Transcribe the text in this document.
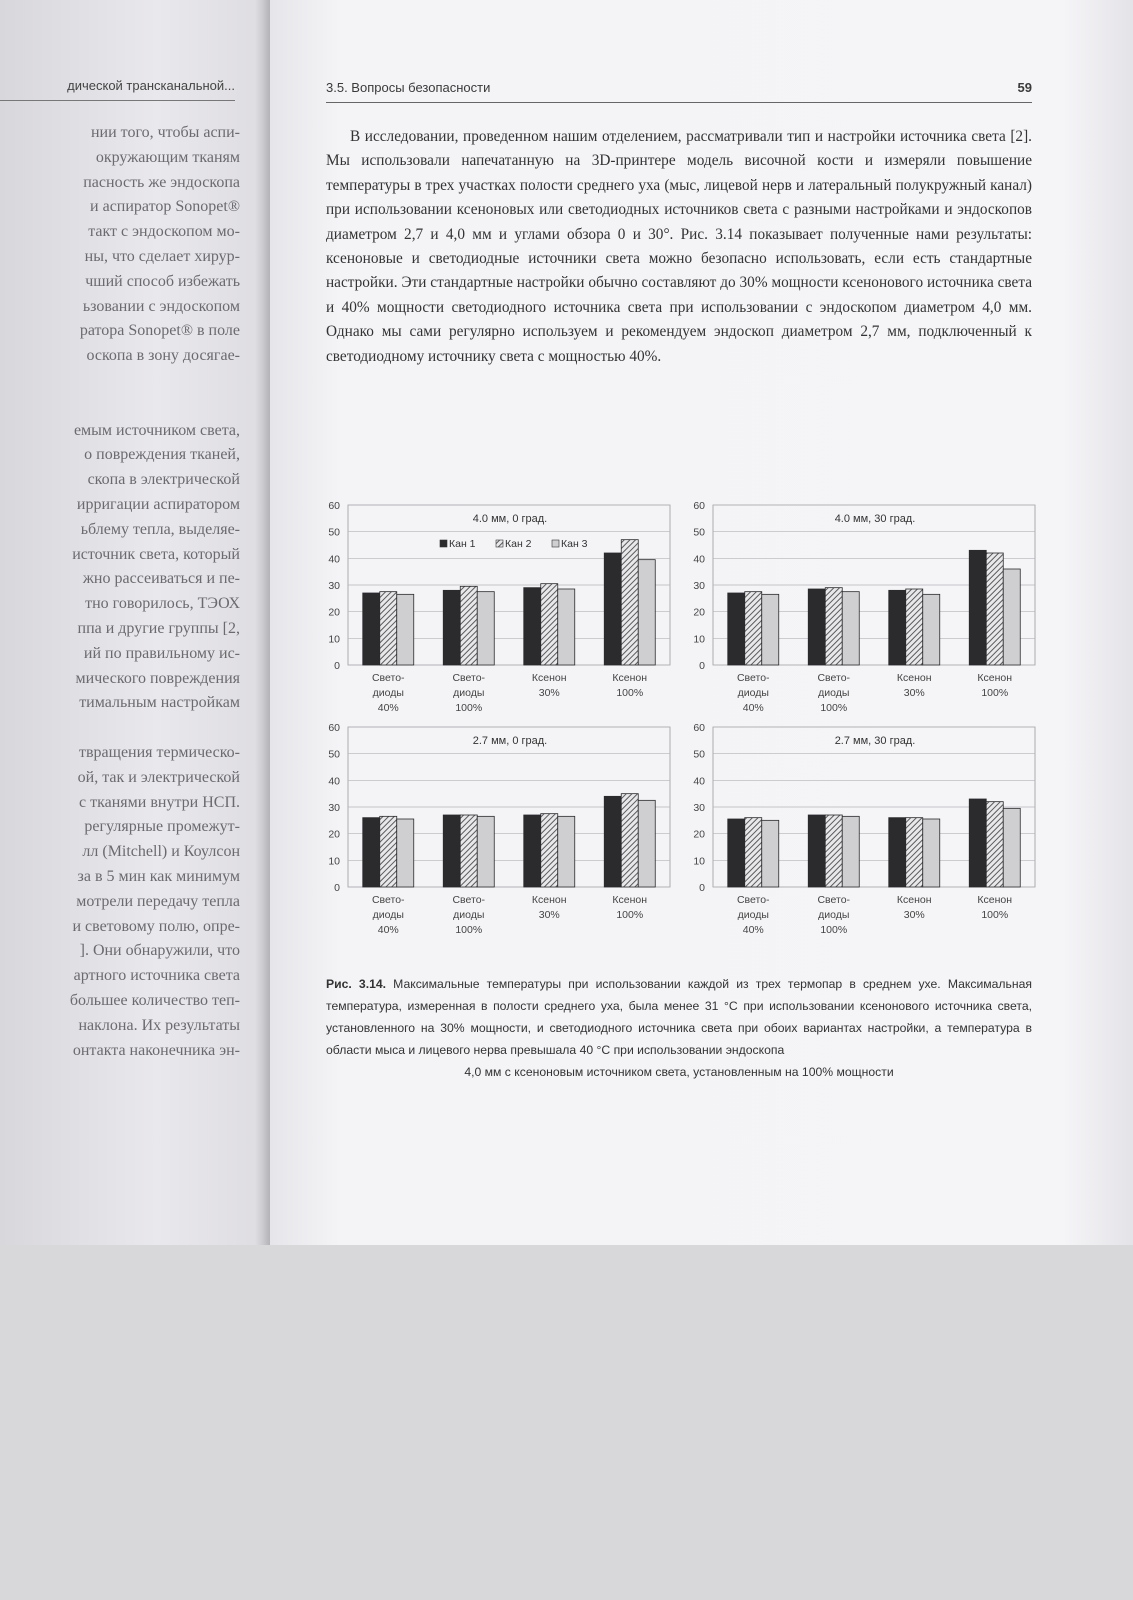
дической трансканальной...
нии того, чтобы аспи-
окружающим тканям
пасность же эндоскопа
и аспиратор Sonopet®
такт с эндоскопом мо-
ны, что сделает хирур-
чший способ избежать
ьзовании с эндоскопом
ратора Sonopet® в поле
оскопа в зону досягае-
емым источником света,
о повреждения тканей,
скопа в электрической
ирригации аспиратором
ьблему тепла, выделяе-
источник света, который
жно рассеиваться и пе-
тно говорилось, ТЭОХ
ппа и другие группы [2,
ий по правильному ис-
мического повреждения
тимальным настройкам
твращения термическо-
ой, так и электрической
с тканями внутри НСП.
регулярные промежут-
лл (Mitchell) и Коулсон
за в 5 мин как минимум
мотрели передачу тепла
и световому полю, опре-
]. Они обнаружили, что
артного источника света
большее количество теп-
наклона. Их результаты
онтакта наконечника эн-
3.5. Вопросы безопасности	59
В исследовании, проведенном нашим отделением, рассматривали тип и настройки источника света [2]. Мы использовали напечатанную на 3D-принтере модель височной кости и измеряли повышение температуры в трех участках полости среднего уха (мыс, лицевой нерв и латеральный полукружный канал) при использовании ксеноновых или светодиодных источников света с разными настройками и эндоскопов диаметром 2,7 и 4,0 мм и углами обзора 0 и 30°. Рис. 3.14 показывает полученные нами результаты: ксеноновые и светодиодные источники света можно безопасно использовать, если есть стандартные настройки. Эти стандартные настройки обычно составляют до 30% мощности ксенонового источника света и 40% мощности светодиодного источника света при использовании с эндоскопом диаметром 4,0 мм. Однако мы сами регулярно используем и рекомендуем эндоскоп диаметром 2,7 мм, подключенный к светодиодному источнику света с мощностью 40%.
0
10
20
30
40
50
60
4.0 мм, 0 град.
Кан 1	Кан 2	Кан 3
Свето-
диоды
40%
Свето-
диоды
100%
Ксенон
30%
Ксенон
100%
0
10
20
30
40
50
60
4.0 мм, 30 град.
Свето-
диоды
40%
Свето-
диоды
100%
Ксенон
30%
Ксенон
100%
0
10
20
30
40
50
60
2.7 мм, 0 град.
Свето-
диоды
40%
Свето-
диоды
100%
Ксенон
30%
Ксенон
100%
0
10
20
30
40
50
60
2.7 мм, 30 град.
Свето-
диоды
40%
Свето-
диоды
100%
Ксенон
30%
Ксенон
100%
Рис. 3.14. Максимальные температуры при использовании каждой из трех термопар в среднем ухе. Максимальная температура, измеренная в полости среднего уха, была менее 31 °C при использовании ксенонового источника света, установленного на 30% мощности, и светодиодного источника света при обоих вариантах настройки, а температура в области мыса и лицевого нерва превышала 40 °C при использовании эндоскопа
4,0 мм с ксеноновым источником света, установленным на 100% мощности
